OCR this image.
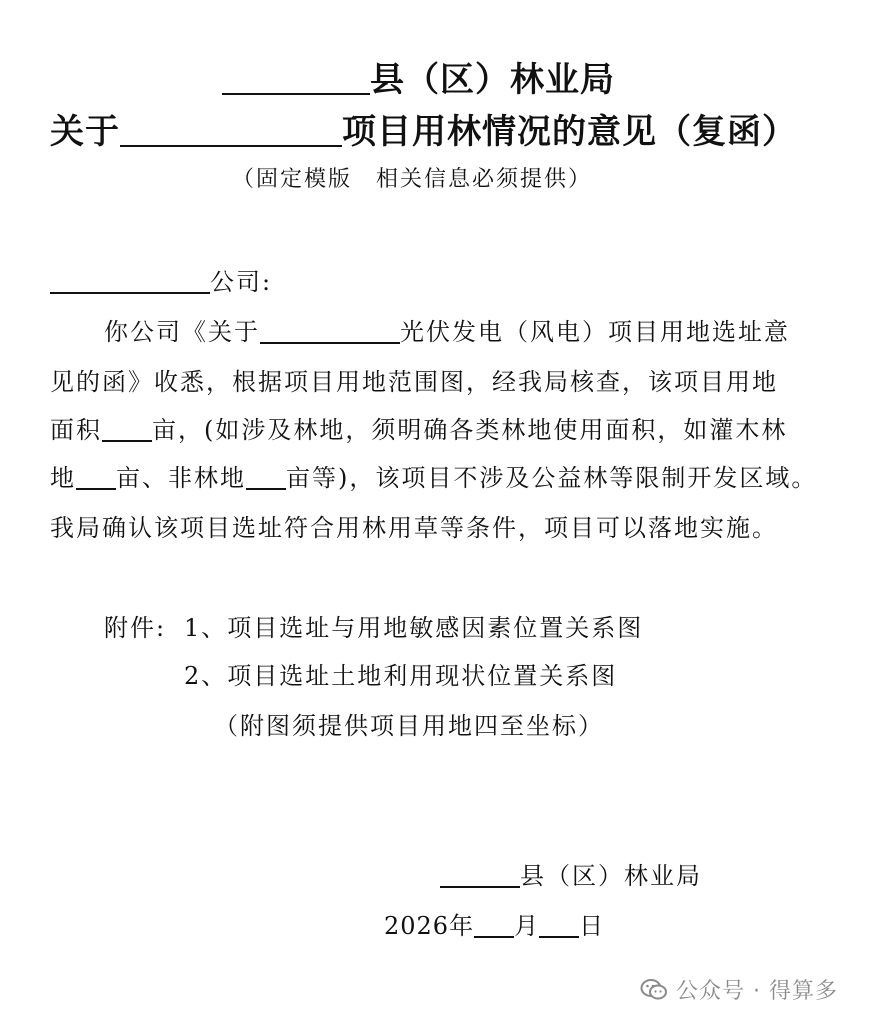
县（区）林业局
关于	项目用林情况的意见（复函）
（固定模版　相关信息必须提供）
公司:
你公司《关于	光伏发电（风电）项目用地选址意
见的函》收悉，根据项目用地范围图，经我局核查，该项目用地
面积 亩，(如涉及林地，须明确各类林地使用面积，如灌木林
地 亩、非林地 亩等)，该项目不涉及公益林等限制开发区域。
我局确认该项目选址符合用林用草等条件，项目可以落地实施。
附件: 1、项目选址与用地敏感因素位置关系图
2、项目选址土地利用现状位置关系图
（附图须提供项目用地四至坐标）
县（区）林业局
2026年 月 日
公众号 · 得算多
